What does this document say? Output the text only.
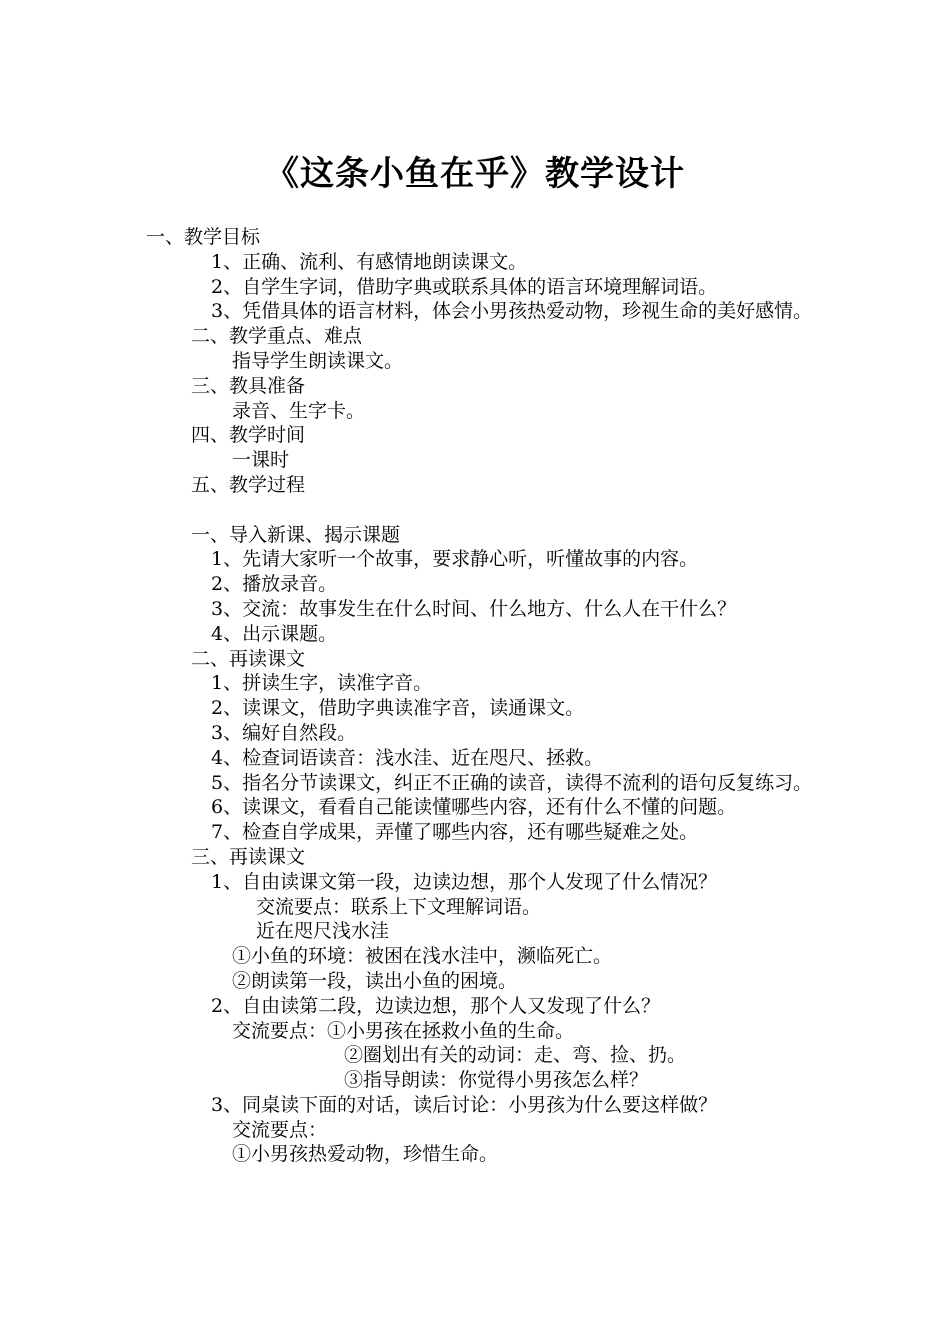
《这条小鱼在乎》教学设计
一、教学目标
1、正确、流利、有感情地朗读课文。
2、自学生字词，借助字典或联系具体的语言环境理解词语。
3、凭借具体的语言材料，体会小男孩热爱动物，珍视生命的美好感情。
二、教学重点、难点
指导学生朗读课文。
三、教具准备
录音、生字卡。
四、教学时间
一课时
五、教学过程
一、导入新课、揭示课题
1、先请大家听一个故事，要求静心听，听懂故事的内容。
2、播放录音。
3、交流：故事发生在什么时间、什么地方、什么人在干什么？
4、出示课题。
二、再读课文
1、拼读生字，读准字音。
2、读课文，借助字典读准字音，读通课文。
3、编好自然段。
4、检查词语读音：浅水洼、近在咫尺、拯救。
5、指名分节读课文，纠正不正确的读音，读得不流利的语句反复练习。
6、读课文，看看自己能读懂哪些内容，还有什么不懂的问题。
7、检查自学成果，弄懂了哪些内容，还有哪些疑难之处。
三、再读课文
1、自由读课文第一段，边读边想，那个人发现了什么情况？
交流要点：联系上下文理解词语。
近在咫尺浅水洼
①小鱼的环境：被困在浅水洼中，濒临死亡。
②朗读第一段，读出小鱼的困境。
2、自由读第二段，边读边想，那个人又发现了什么？
交流要点：①小男孩在拯救小鱼的生命。
②圈划出有关的动词：走、弯、捡、扔。
③指导朗读：你觉得小男孩怎么样？
3、同桌读下面的对话，读后讨论：小男孩为什么要这样做？
交流要点：
①小男孩热爱动物，珍惜生命。
